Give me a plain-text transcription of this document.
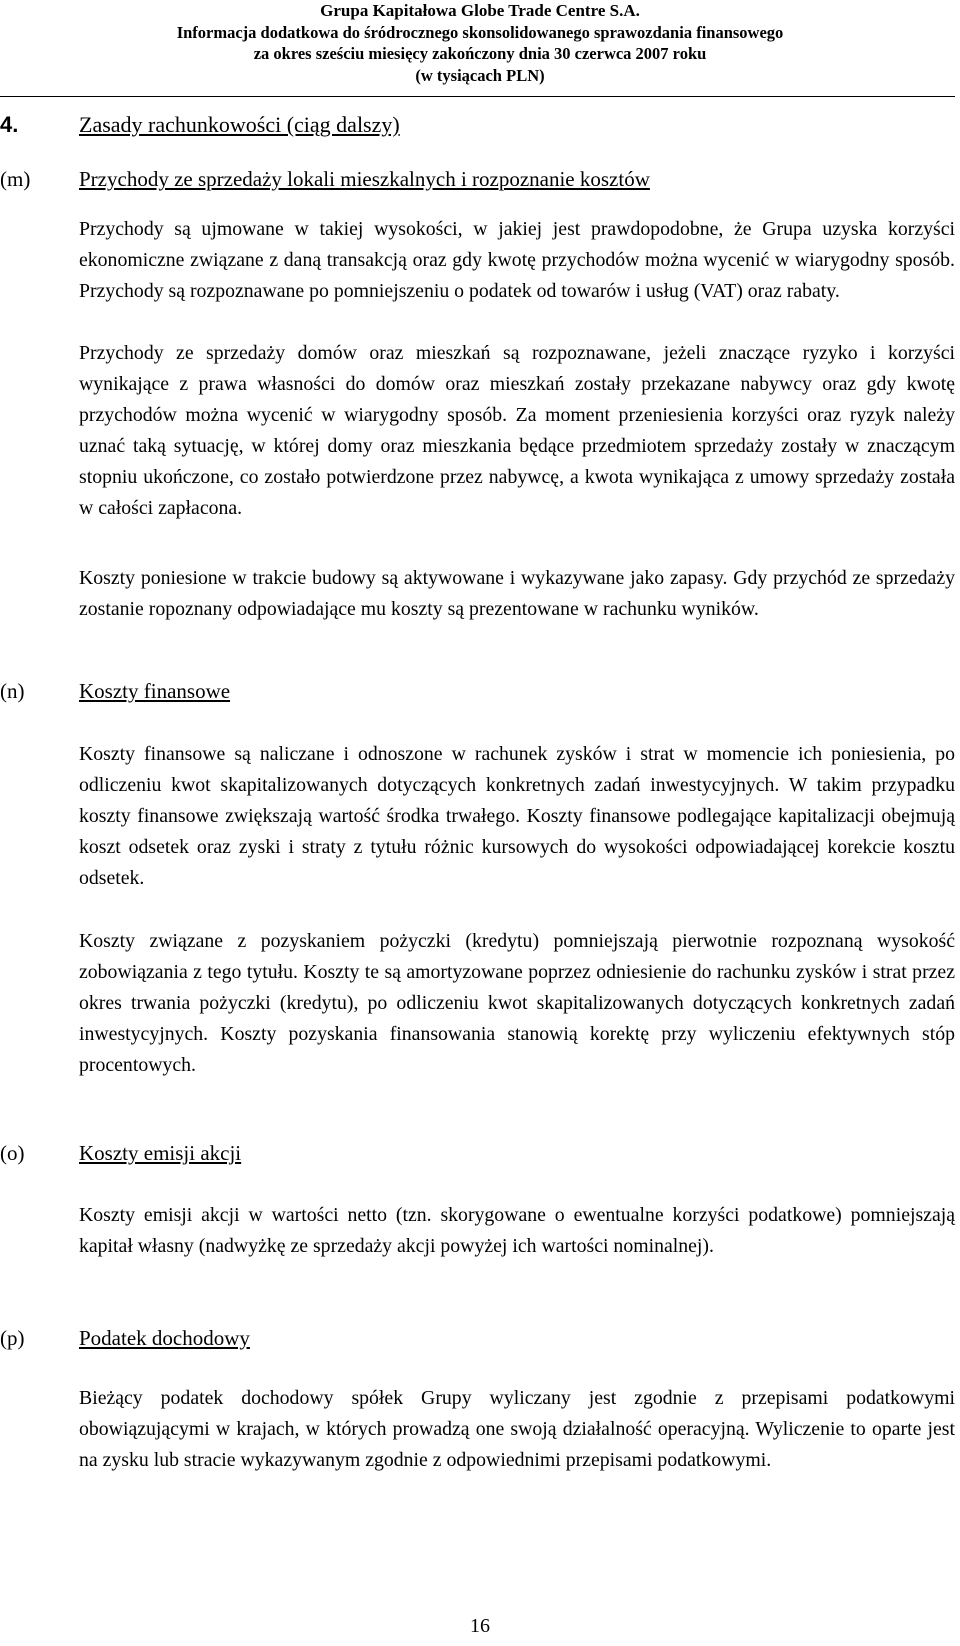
Grupa Kapitałowa Globe Trade Centre S.A.
Informacja dodatkowa do śródrocznego skonsolidowanego sprawozdania finansowego
za okres sześciu miesięcy zakończony dnia 30 czerwca 2007 roku
(w tysiącach PLN)
4.	Zasady rachunkowości (ciąg dalszy)
(m) Przychody ze sprzedaży lokali mieszkalnych i rozpoznanie kosztów

Przychody są ujmowane w takiej wysokości, w jakiej jest prawdopodobne, że Grupa uzyska korzyści ekonomiczne związane z daną transakcją oraz gdy kwotę przychodów można wycenić w wiarygodny sposób. Przychody są rozpoznawane po pomniejszeniu o podatek od towarów i usług (VAT) oraz rabaty.

Przychody ze sprzedaży domów oraz mieszkań są rozpoznawane, jeżeli znaczące ryzyko i korzyści wynikające z prawa własności do domów oraz mieszkań zostały przekazane nabywcy oraz gdy kwotę przychodów można wycenić w wiarygodny sposób. Za moment przeniesienia korzyści oraz ryzyk należy uznać taką sytuację, w której domy oraz mieszkania będące przedmiotem sprzedaży zostały w znaczącym stopniu ukończone, co zostało potwierdzone przez nabywcę, a kwota wynikająca z umowy sprzedaży została w całości zapłacona.

Koszty poniesione w trakcie budowy są aktywowane i wykazywane jako zapasy. Gdy przychód ze sprzedaży zostanie ropoznany odpowiadające mu koszty są prezentowane w rachunku wyników.

(n)	Koszty finansowe

Koszty finansowe są naliczane i odnoszone w rachunek zysków i strat w momencie ich poniesienia, po odliczeniu kwot skapitalizowanych dotyczących konkretnych zadań inwestycyjnych. W takim przypadku koszty finansowe zwiększają wartość środka trwałego. Koszty finansowe podlegające kapitalizacji obejmują koszt odsetek oraz zyski i straty z tytułu różnic kursowych do wysokości odpowiadającej korekcie kosztu odsetek.

Koszty związane z pozyskaniem pożyczki (kredytu) pomniejszają pierwotnie rozpoznaną wysokość zobowiązania z tego tytułu. Koszty te są amortyzowane poprzez odniesienie do rachunku zysków i strat przez okres trwania pożyczki (kredytu), po odliczeniu kwot skapitalizowanych dotyczących konkretnych zadań inwestycyjnych. Koszty pozyskania finansowania stanowią korektę przy wyliczeniu efektywnych stóp procentowych.

(o)	Koszty emisji akcji

Koszty emisji akcji w wartości netto (tzn. skorygowane o ewentualne korzyści podatkowe) pomniejszają kapitał własny (nadwyżkę ze sprzedaży akcji powyżej ich wartości nominalnej).

(p)	Podatek dochodowy

Bieżący podatek dochodowy spółek Grupy wyliczany jest zgodnie z przepisami podatkowymi obowiązującymi w krajach, w których prowadzą one swoją działalność operacyjną. Wyliczenie to oparte jest na zysku lub stracie wykazywanym zgodnie z odpowiednimi przepisami podatkowymi.

16
